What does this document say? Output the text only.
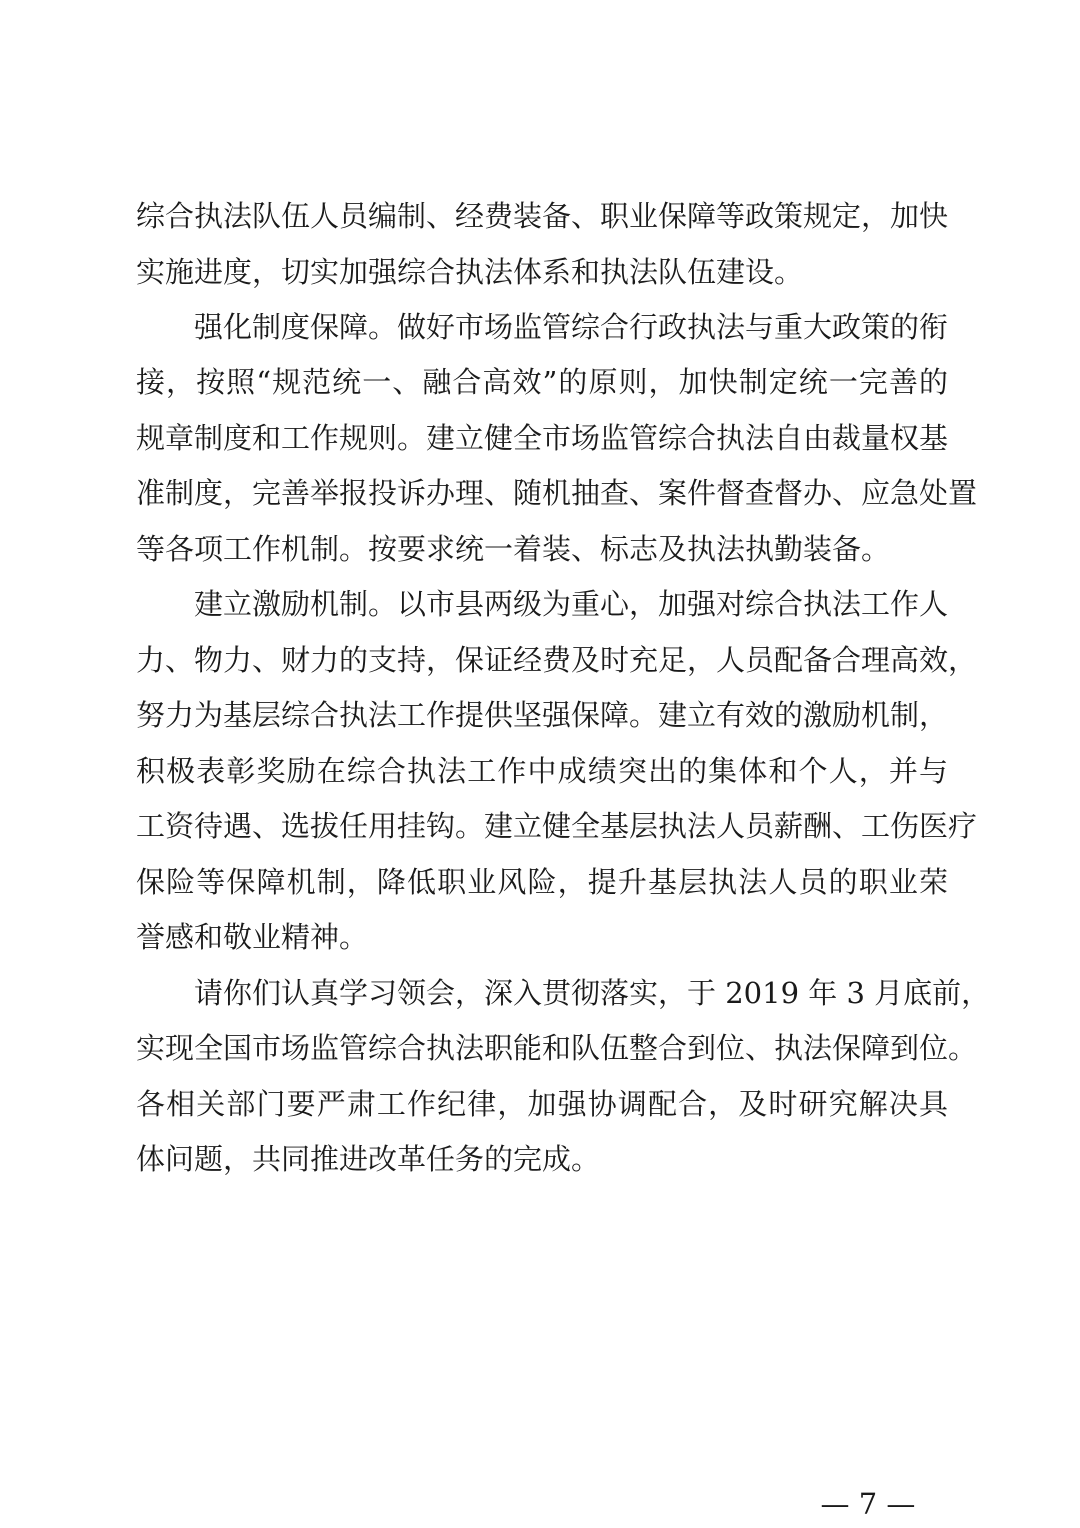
综合执法队伍人员编制、经费装备、职业保障等政策规定，加快
实施进度，切实加强综合执法体系和执法队伍建设。
强化制度保障。做好市场监管综合行政执法与重大政策的衔
接，按照“规范统一、融合高效”的原则，加快制定统一完善的
规章制度和工作规则。建立健全市场监管综合执法自由裁量权基
准制度，完善举报投诉办理、随机抽查、案件督查督办、应急处置
等各项工作机制。按要求统一着装、标志及执法执勤装备。
建立激励机制。以市县两级为重心，加强对综合执法工作人
力、物力、财力的支持，保证经费及时充足，人员配备合理高效，
努力为基层综合执法工作提供坚强保障。建立有效的激励机制，
积极表彰奖励在综合执法工作中成绩突出的集体和个人，并与
工资待遇、选拔任用挂钩。建立健全基层执法人员薪酬、工伤医疗
保险等保障机制，降低职业风险，提升基层执法人员的职业荣
誉感和敬业精神。
请你们认真学习领会，深入贯彻落实，于 2019 年 3 月底前，
实现全国市场监管综合执法职能和队伍整合到位、执法保障到位。
各相关部门要严肃工作纪律，加强协调配合，及时研究解决具
体问题，共同推进改革任务的完成。
— 7 —
